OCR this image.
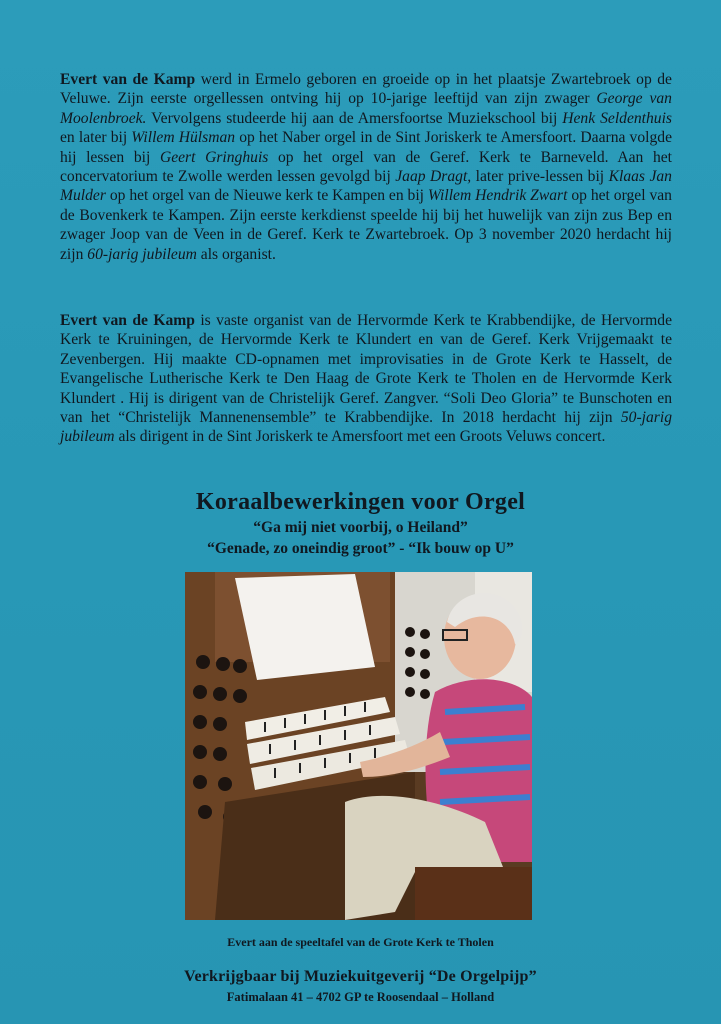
Evert van de Kamp werd in Ermelo geboren en groeide op in het plaatsje Zwartebroek op de Veluwe. Zijn eerste orgellessen ontving hij op 10-jarige leeftijd van zijn zwager George van Moolenbroek. Vervolgens studeerde hij aan de Amersfoortse Muziekschool bij Henk Seldenthuis en later bij Willem Hülsman op het Naber orgel in de Sint Joriskerk te Amersfoort. Daarna volgde hij lessen bij Geert Gringhuis op het orgel van de Geref. Kerk te Barneveld. Aan het concervatorium te Zwolle werden lessen gevolgd bij Jaap Dragt, later prive-lessen bij Klaas Jan Mulder op het orgel van de Nieuwe kerk te Kampen en bij Willem Hendrik Zwart op het orgel van de Bovenkerk te Kampen. Zijn eerste kerkdienst speelde hij bij het huwelijk van zijn zus Bep en zwager Joop van de Veen in de Geref. Kerk te Zwartebroek. Op 3 november 2020 herdacht hij zijn 60-jarig jubileum als organist.

Evert van de Kamp is vaste organist van de Hervormde Kerk te Krabbendijke, de Hervormde Kerk te Kruiningen, de Hervormde Kerk te Klundert en van de Geref. Kerk Vrijgemaakt te Zevenbergen. Hij maakte CD-opnamen met improvisaties in de Grote Kerk te Hasselt, de Evangelische Lutherische Kerk te Den Haag de Grote Kerk te Tholen en de Hervormde Kerk Klundert . Hij is dirigent van de Christelijk Geref. Zangver. “Soli Deo Gloria” te Bunschoten en van het “Christelijk Mannenensemble” te Krabbendijke. In 2018 herdacht hij zijn 50-jarig jubileum als dirigent in de Sint Joriskerk te Amersfoort met een Groots Veluws concert.

Koraalbewerkingen voor Orgel

“Ga mij niet voorbij, o Heiland”

“Genade, zo oneindig groot” - “Ik bouw op U”

Evert aan de speeltafel van de Grote Kerk te Tholen

Verkrijgbaar bij Muziekuitgeverij “De Orgelpijp”

Fatimalaan 41 – 4702 GP te Roosendaal – Holland
